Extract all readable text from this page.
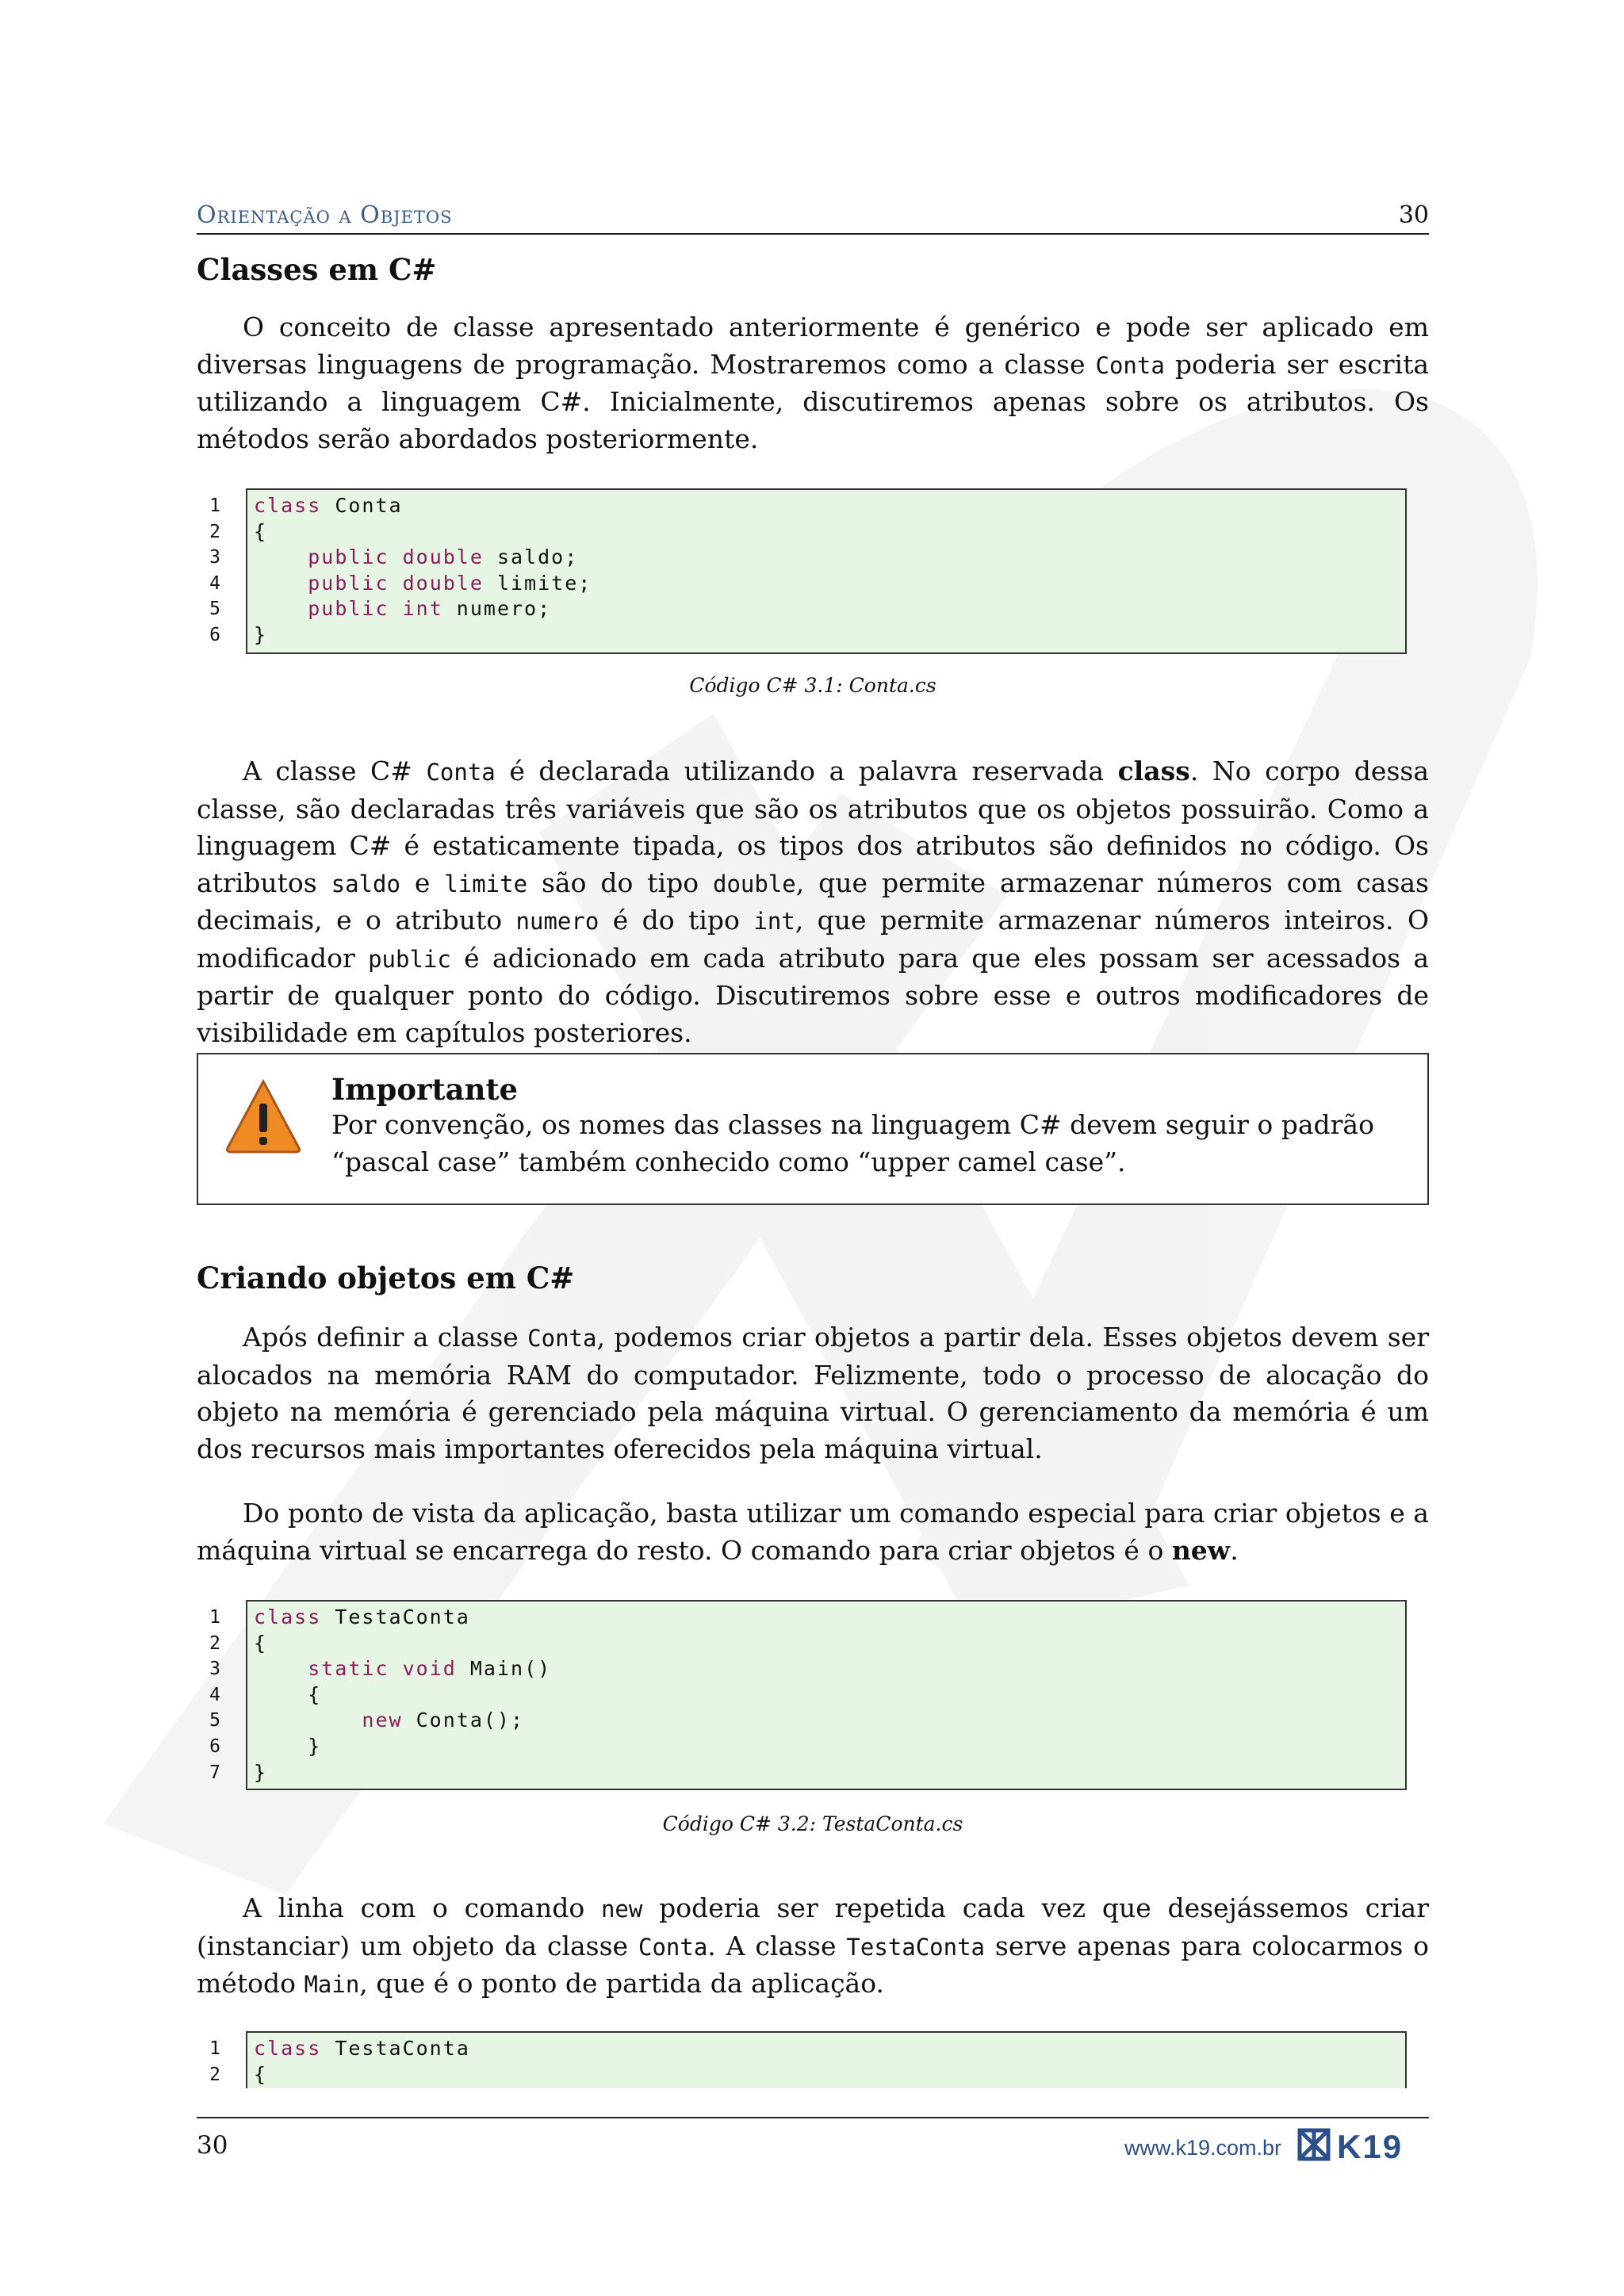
Orientação a Objetos	30
Classes em C#

O conceito de classe apresentado anteriormente é genérico e pode ser aplicado em diversas linguagens de programação. Mostraremos como a classe Conta poderia ser escrita utilizando a linguagem C#. Inicialmente, discutiremos apenas sobre os atributos. Os métodos serão abordados posteriormente.

1
2
3
4
5
6
class Conta
{
public double saldo;
public double limite;
public int numero;
}
Código C# 3.1: Conta.cs

A classe C# Conta é declarada utilizando a palavra reservada class. No corpo dessa classe, são declaradas três variáveis que são os atributos que os objetos possuirão. Como a linguagem C# é estaticamente tipada, os tipos dos atributos são definidos no código. Os atributos saldo e limite são do tipo double, que permite armazenar números com casas decimais, e o atributo numero é do tipo int, que permite armazenar números inteiros. O modificador public é adicionado em cada atributo para que eles possam ser acessados a partir de qualquer ponto do código. Discutiremos sobre esse e outros modificadores de visibilidade em capítulos posteriores.

Importante
Por convenção, os nomes das classes na linguagem C# devem seguir o padrão “pascal case” também conhecido como “upper camel case”.
Criando objetos em C#

Após definir a classe Conta, podemos criar objetos a partir dela. Esses objetos devem ser alocados na memória RAM do computador. Felizmente, todo o processo de alocação do objeto na memória é gerenciado pela máquina virtual. O gerenciamento da memória é um dos recursos mais importantes oferecidos pela máquina virtual.

Do ponto de vista da aplicação, basta utilizar um comando especial para criar objetos e a máquina virtual se encarrega do resto. O comando para criar objetos é o new.

1
2
3
4
5
6
7
class TestaConta
{
static void Main()
{
new Conta();
}
}
Código C# 3.2: TestaConta.cs

A linha com o comando new poderia ser repetida cada vez que desejássemos criar (instanciar) um objeto da classe Conta. A classe TestaConta serve apenas para colocarmos o método Main, que é o ponto de partida da aplicação.

1
2
class TestaConta
{
30	www.k19.com.br K19
